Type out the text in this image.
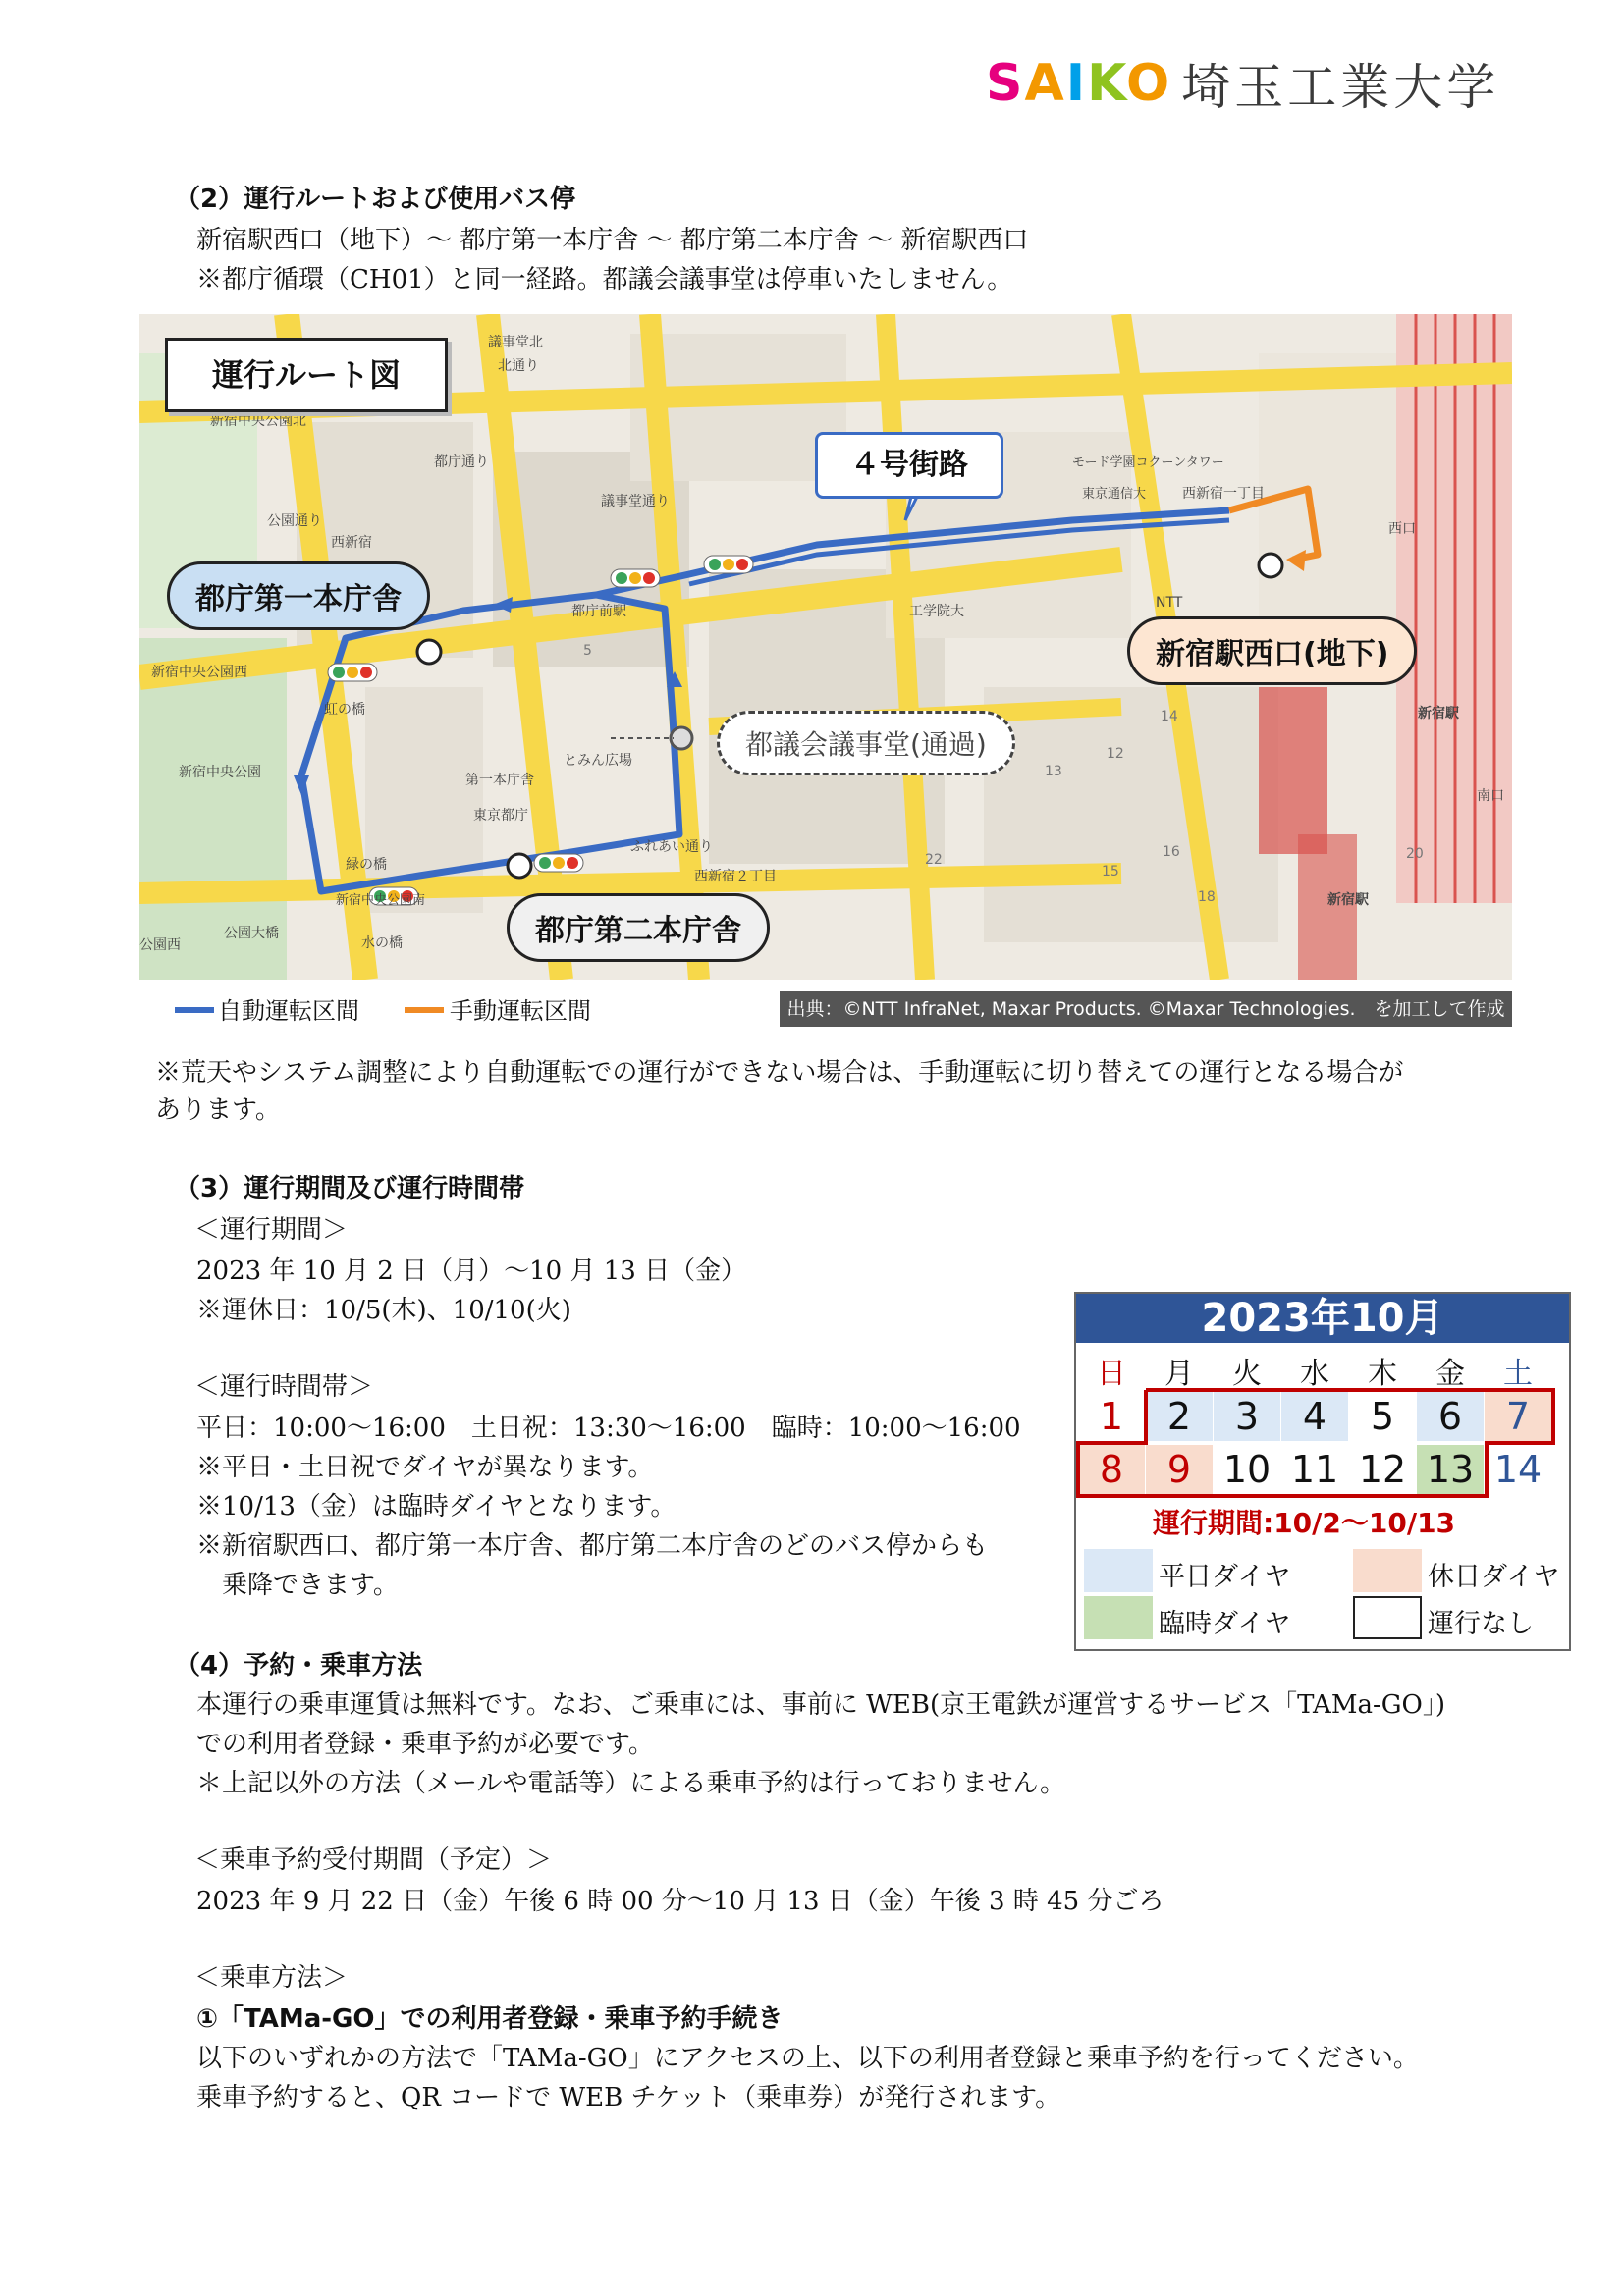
SAIKO 埼玉工業大学
（2）運行ルートおよび使用バス停
新宿駅西口（地下）～ 都庁第一本庁舎 ～ 都庁第二本庁舎 ～ 新宿駅西口
※都庁循環（CH01）と同一経路。都議会議事堂は停車いたしません。
議事堂北
北通り
新宿中央公園北
都庁通り
議事堂通り
公園通り
西新宿
モード学園コクーンタワー
東京通信大	西新宿一丁目
西口
工学院大
都庁前駅
NTT
新宿中央公園西
虹の橋
新宿中央公園
とみん広場
第一本庁舎
東京都庁
ふれあい通り
西新宿２丁目
緑の橋
新宿中央公園南
公園西
公園大橋
水の橋
新宿駅
新宿駅
南口
5
12
13
14
15
16
18
20
22
運行ルート図
４号街路
都庁第一本庁舎
都庁第二本庁舎
新宿駅西口(地下)
都議会議事堂(通過)
自動運転区間	手動運転区間	出典：©NTT InfraNet, Maxar Products. ©Maxar Technologies.　を加工して作成
※荒天やシステム調整により自動運転での運行ができない場合は、手動運転に切り替えての運行となる場合が
あります。
（3）運行期間及び運行時間帯
＜運行期間＞
2023 年 10 月 2 日（月）～10 月 13 日（金）
※運休日：10/5(木)、10/10(火)
＜運行時間帯＞
平日：10:00～16:00　土日祝：13:30～16:00　臨時：10:00～16:00
※平日・土日祝でダイヤが異なります。
※10/13（金）は臨時ダイヤとなります。
※新宿駅西口、都庁第一本庁舎、都庁第二本庁舎のどのバス停からも
乗降できます。
2023年10月
日	月	火	水	木	金	土
1	2	3	4	5	6	7
8	9 10 11 12 13 14
運行期間:10/2～10/13
平日ダイヤ	休日ダイヤ
臨時ダイヤ	運行なし
（4）予約・乗車方法
本運行の乗車運賃は無料です。なお、ご乗車には、事前に WEB(京王電鉄が運営するサービス「TAMa-GO」)
での利用者登録・乗車予約が必要です。
＊上記以外の方法（メールや電話等）による乗車予約は行っておりません。
＜乗車予約受付期間（予定）＞
2023 年 9 月 22 日（金）午後 6 時 00 分～10 月 13 日（金）午後 3 時 45 分ごろ
＜乗車方法＞
①「TAMa-GO」での利用者登録・乗車予約手続き
以下のいずれかの方法で「TAMa-GO」にアクセスの上、以下の利用者登録と乗車予約を行ってください。
乗車予約すると、QR コードで WEB チケット（乗車券）が発行されます。
